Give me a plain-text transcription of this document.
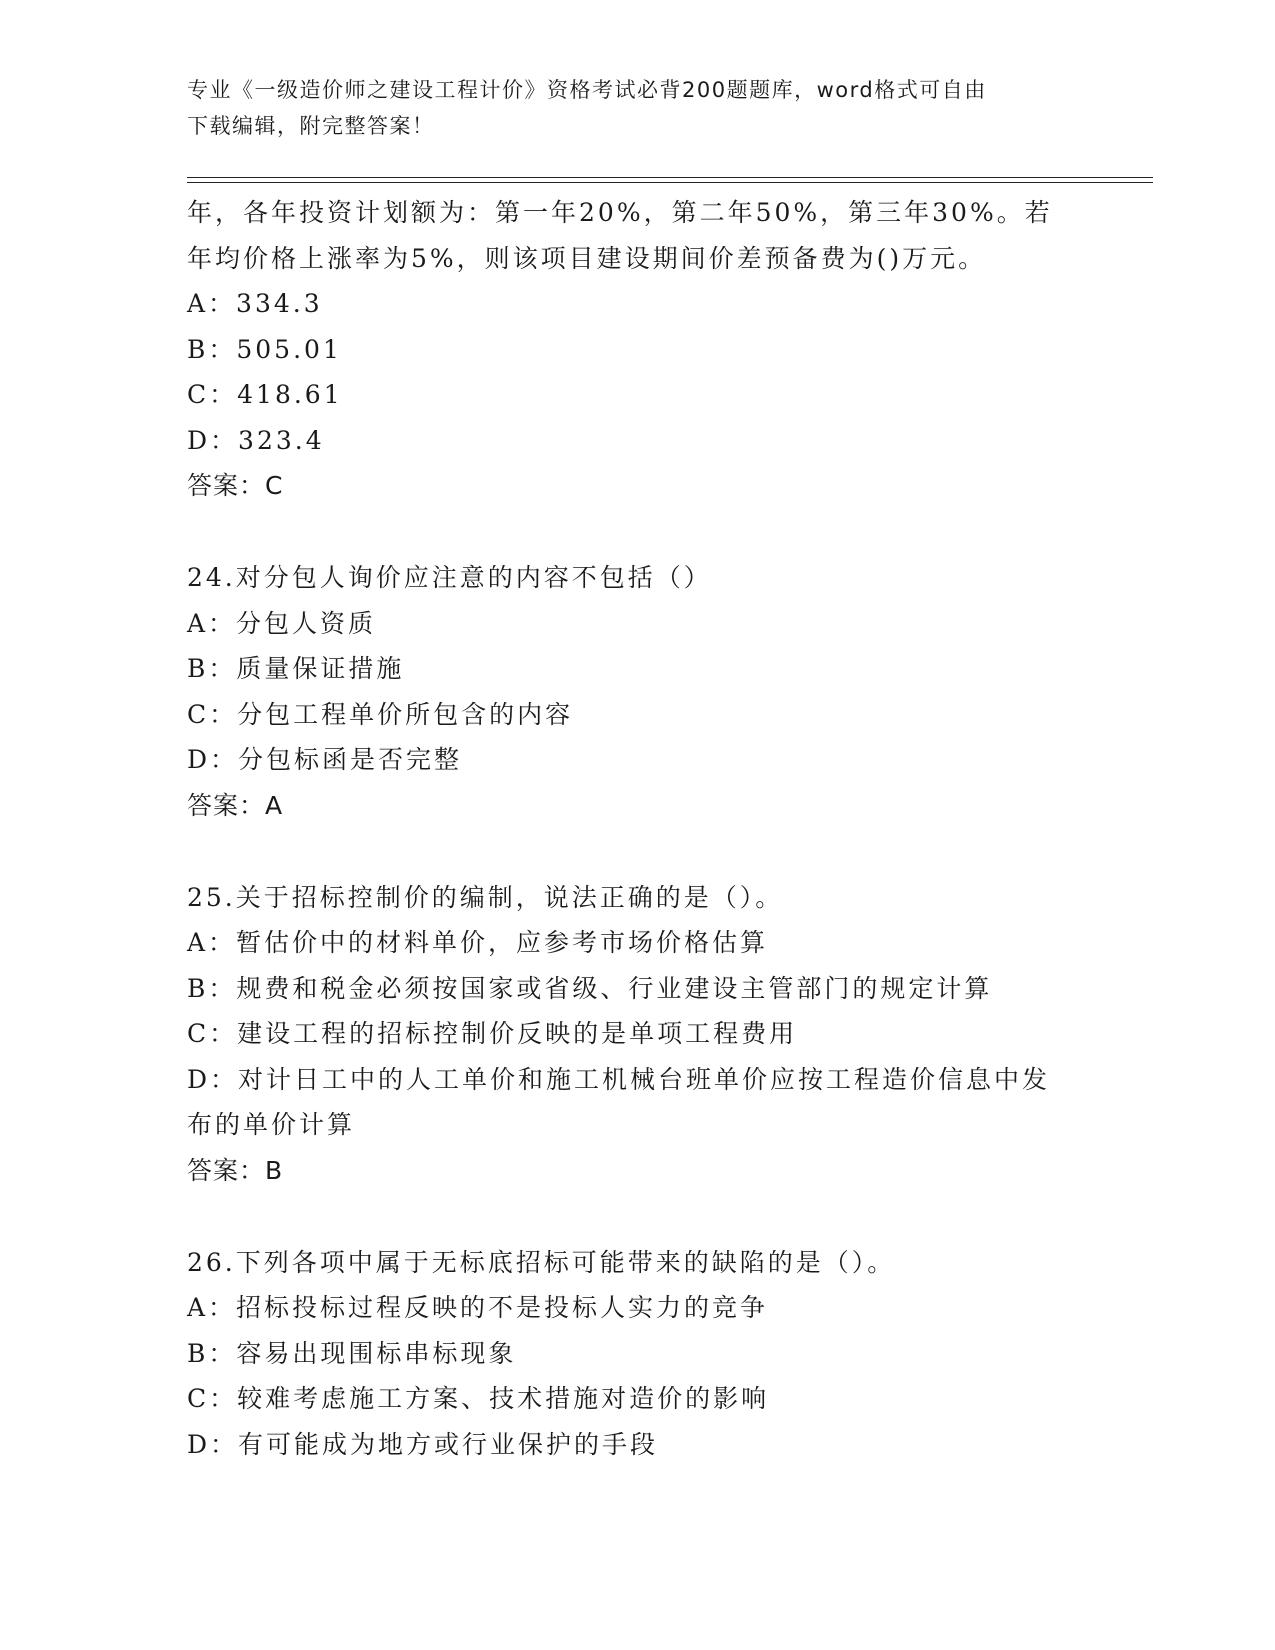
专业《一级造价师之建设工程计价》资格考试必背200题题库，word格式可自由
下载编辑，附完整答案！
年，各年投资计划额为：第一年20%，第二年50%，第三年30%。若
年均价格上涨率为5%，则该项目建设期间价差预备费为()万元。
A：334.3
B：505.01
C：418.61
D：323.4
答案：C
24.对分包人询价应注意的内容不包括（）
A：分包人资质
B：质量保证措施
C：分包工程单价所包含的内容
D：分包标函是否完整
答案：A
25.关于招标控制价的编制，说法正确的是（）。
A：暂估价中的材料单价，应参考市场价格估算
B：规费和税金必须按国家或省级、行业建设主管部门的规定计算
C：建设工程的招标控制价反映的是单项工程费用
D：对计日工中的人工单价和施工机械台班单价应按工程造价信息中发
布的单价计算
答案：B
26.下列各项中属于无标底招标可能带来的缺陷的是（）。
A：招标投标过程反映的不是投标人实力的竞争
B：容易出现围标串标现象
C：较难考虑施工方案、技术措施对造价的影响
D：有可能成为地方或行业保护的手段
